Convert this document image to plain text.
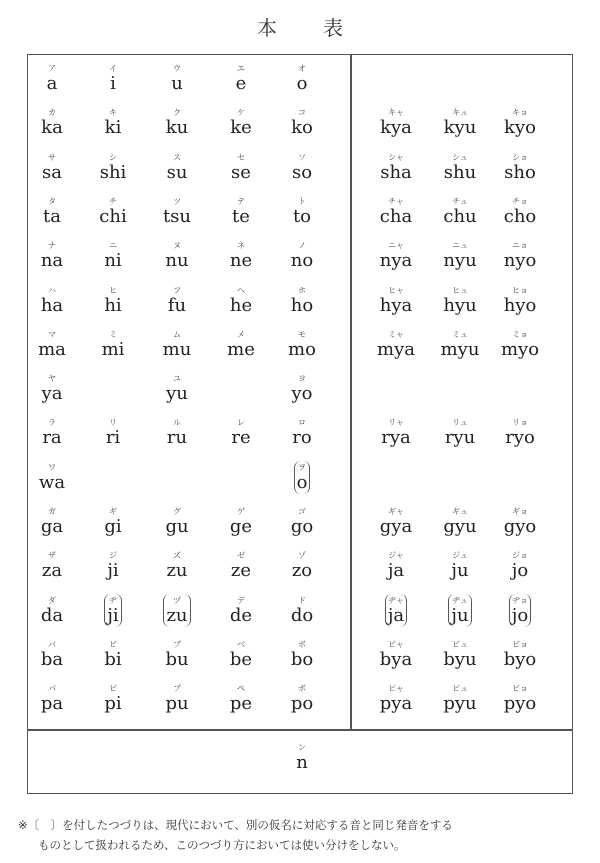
本表
ア
a
イ
i
ウ
u
エ
e
オ
o
カ
ka
キ
ki
ク
ku
ケ
ke
コ
ko
サ
sa
シ
shi
ス
su
セ
se
ソ
so
タ
ta
チ
chi
ツ
tsu
テ
te
ト
to
ナ
na
ニ
ni
ヌ
nu
ネ
ne
ノ
no
ハ
ha
ヒ
hi
フ
fu
ヘ
he
ホ
ho
マ
ma
ミ
mi
ム
mu
メ
me
モ
mo
ヤ
ya
ユ
yu
ヨ
yo
ラ
ra
リ
ri
ル
ru
レ
re
ロ
ro
ワ
wa
ヲ
o
ガ
ga
ギ
gi
グ
gu
ゲ
ge
ゴ
go
ザ
za
ジ
ji
ズ
zu
ゼ
ze
ゾ
zo
ダ
da
ヂ
ji
ヅ
zu
デ
de
ド
do
バ
ba
ビ
bi
ブ
bu
ベ
be
ボ
bo
パ
pa
ピ
pi
プ
pu
ペ
pe
ポ
po
キャ
kya
キュ
kyu
キョ
kyo
シャ
sha
シュ
shu
ショ
sho
チャ
cha
チュ
chu
チョ
cho
ニャ
nya
ニュ
nyu
ニョ
nyo
ヒャ
hya
ヒュ
hyu
ヒョ
hyo
ミャ
mya
ミュ
myu
ミョ
myo
リャ
rya
リュ
ryu
リョ
ryo
ギャ
gya
ギュ
gyu
ギョ
gyo
ジャ
ja
ジュ
ju
ジョ
jo
ヂャ
ja
ヂュ
ju
ヂョ
jo
ビャ
bya
ビュ
byu
ビョ
byo
ピャ
pya
ピュ
pyu
ピョ
pyo
ン
n
※〔　〕を付したつづりは、現代において、別の仮名に対応する音と同じ発音をする
ものとして扱われるため、このつづり方においては使い分けをしない。
